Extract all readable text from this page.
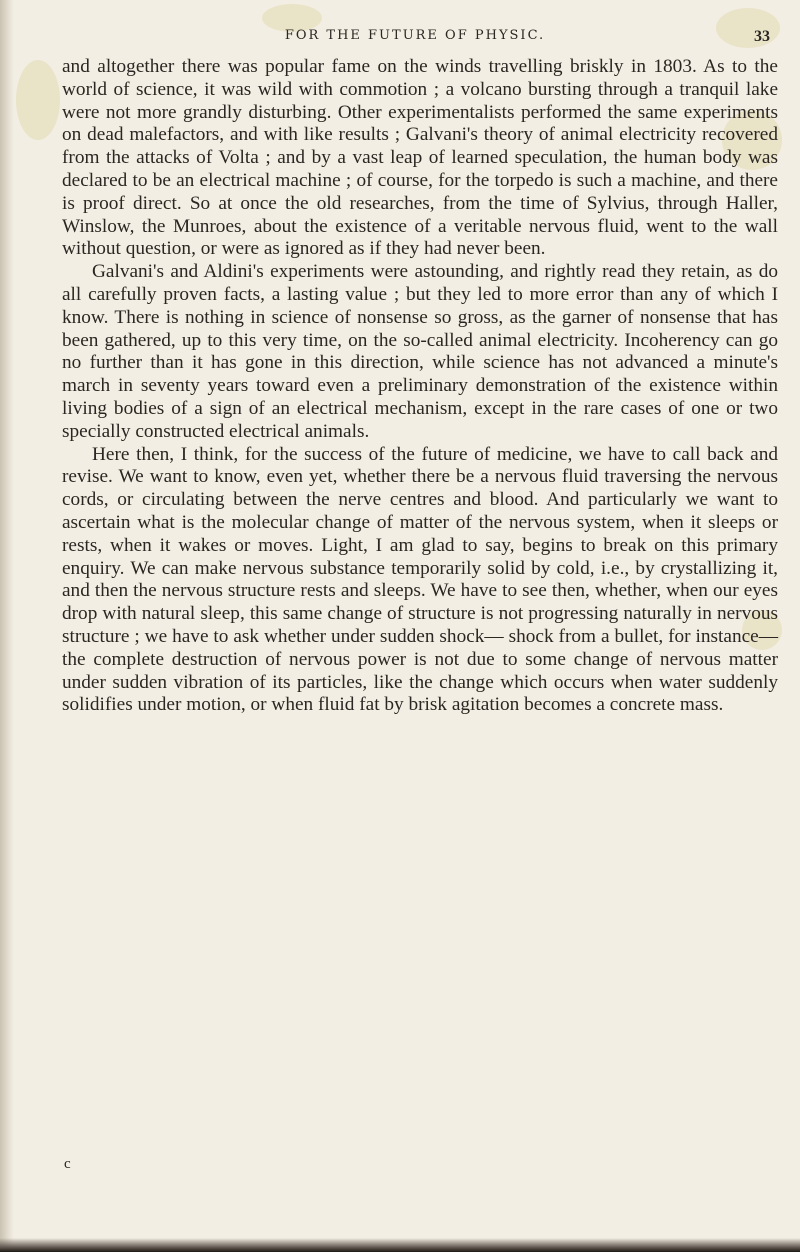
FOR THE FUTURE OF PHYSIC.	33

and altogether there was popular fame on the winds travelling briskly in 1803. As to the world of science, it was wild with commotion ; a volcano bursting through a tranquil lake were not more grandly disturbing. Other experimentalists performed the same experiments on dead malefactors, and with like results ; Galvani's theory of animal electricity recovered from the attacks of Volta ; and by a vast leap of learned speculation, the human body was declared to be an electrical machine ; of course, for the torpedo is such a machine, and there is proof direct. So at once the old researches, from the time of Sylvius, through Haller, Winslow, the Munroes, about the existence of a veritable nervous fluid, went to the wall without question, or were as ignored as if they had never been.

Galvani's and Aldini's experiments were astounding, and rightly read they retain, as do all carefully proven facts, a lasting value ; but they led to more error than any of which I know. There is nothing in science of nonsense so gross, as the garner of nonsense that has been gathered, up to this very time, on the so-called animal electricity. Incoherency can go no further than it has gone in this direction, while science has not advanced a minute's march in seventy years toward even a preliminary demonstration of the existence within living bodies of a sign of an electrical mechanism, except in the rare cases of one or two specially constructed electrical animals.

Here then, I think, for the success of the future of medicine, we have to call back and revise. We want to know, even yet, whether there be a nervous fluid traversing the nervous cords, or circulating between the nerve centres and blood. And particularly we want to ascertain what is the molecular change of matter of the nervous system, when it sleeps or rests, when it wakes or moves. Light, I am glad to say, begins to break on this primary enquiry. We can make nervous substance temporarily solid by cold, i.e., by crystallizing it, and then the nervous structure rests and sleeps. We have to see then, whether, when our eyes drop with natural sleep, this same change of structure is not progressing naturally in nervous structure ; we have to ask whether under sudden shock— shock from a bullet, for instance—the complete destruction of nervous power is not due to some change of nervous matter under sudden vibration of its particles, like the change which occurs when water suddenly solidifies under motion, or when fluid fat by brisk agitation becomes a concrete mass.

c
